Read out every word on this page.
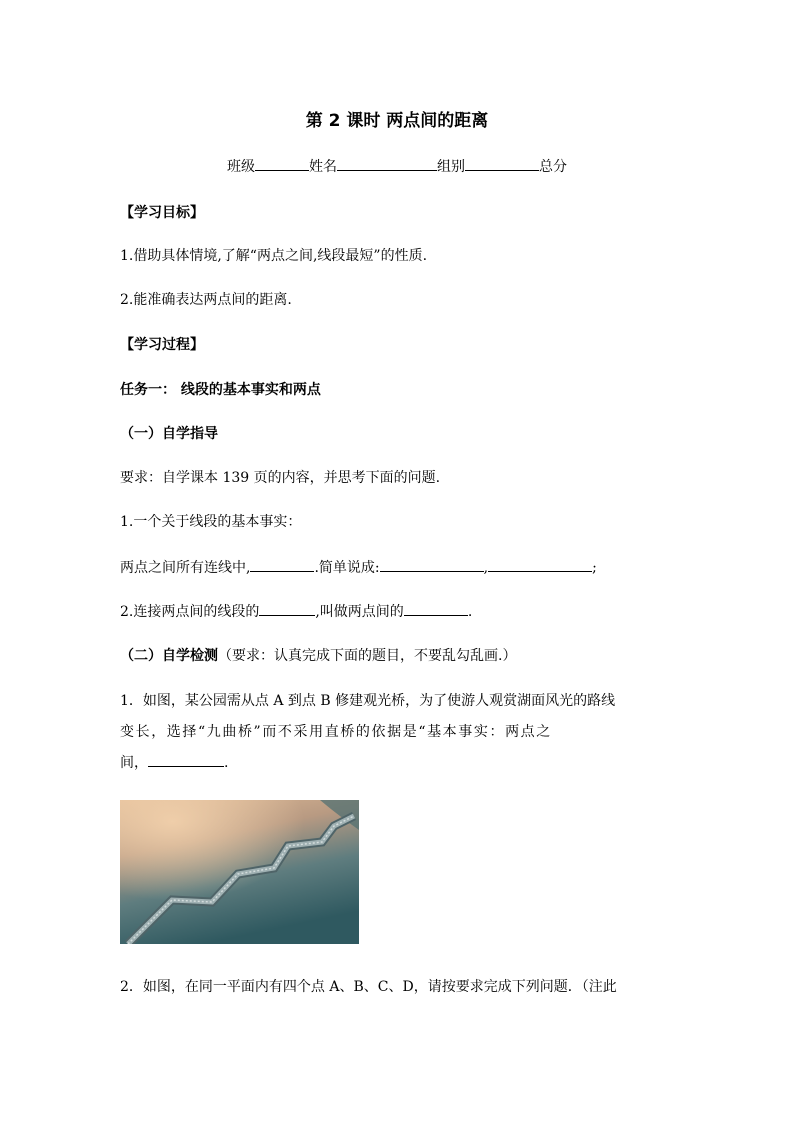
第 2 课时 两点间的距离
班级	姓名	组别	总分
【学习目标】
1.借助具体情境,了解“两点之间,线段最短”的性质.
2.能准确表达两点间的距离.
【学习过程】
任务一： 线段的基本事实和两点
（一）自学指导
要求：自学课本 139 页的内容，并思考下面的问题.
1.一个关于线段的基本事实：
两点之间所有连线中,	.简单说成:	,	;
2.连接两点间的线段的	,叫做两点间的	.
（二）自学检测（要求：认真完成下面的题目，不要乱勾乱画.）
1．如图，某公园需从点 A 到点 B 修建观光桥，为了使游人观赏湖面风光的路线
变长，选择“九曲桥”而不采用直桥的依据是“基本事实：两点之
间，	.
2．如图，在同一平面内有四个点 A、B、C、D，请按要求完成下列问题．（注此
